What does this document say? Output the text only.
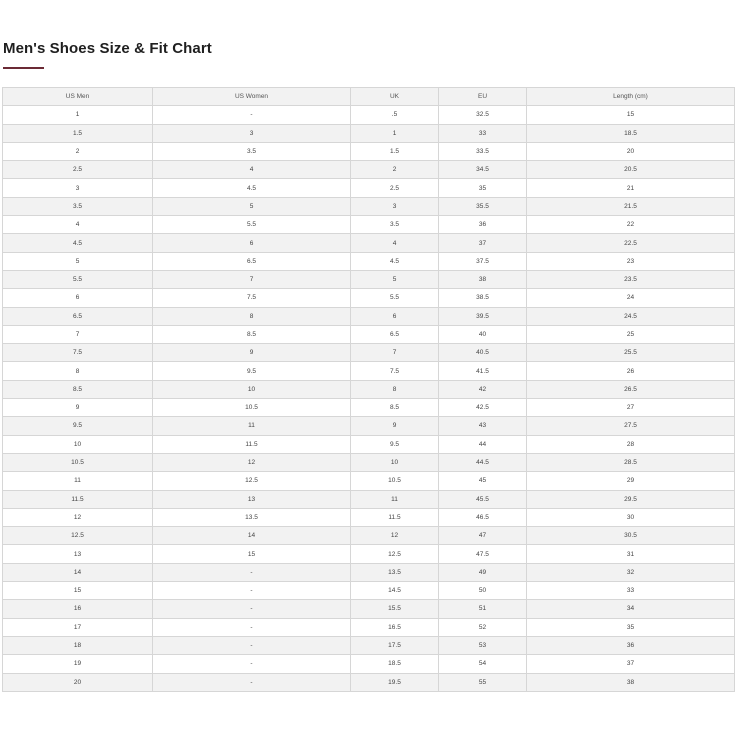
Men's Shoes Size & Fit Chart
US Men	US Women	UK	EU	Length (cm)
1	-	.5	32.5	15
1.5	3	1	33	18.5
2	3.5	1.5	33.5	20
2.5	4	2	34.5	20.5
3	4.5	2.5	35	21
3.5	5	3	35.5	21.5
4	5.5	3.5	36	22
4.5	6	4	37	22.5
5	6.5	4.5	37.5	23
5.5	7	5	38	23.5
6	7.5	5.5	38.5	24
6.5	8	6	39.5	24.5
7	8.5	6.5	40	25
7.5	9	7	40.5	25.5
8	9.5	7.5	41.5	26
8.5	10	8	42	26.5
9	10.5	8.5	42.5	27
9.5	11	9	43	27.5
10	11.5	9.5	44	28
10.5	12	10	44.5	28.5
11	12.5	10.5	45	29
11.5	13	11	45.5	29.5
12	13.5	11.5	46.5	30
12.5	14	12	47	30.5
13	15	12.5	47.5	31
14	-	13.5	49	32
15	-	14.5	50	33
16	-	15.5	51	34
17	-	16.5	52	35
18	-	17.5	53	36
19	-	18.5	54	37
20	-	19.5	55	38
